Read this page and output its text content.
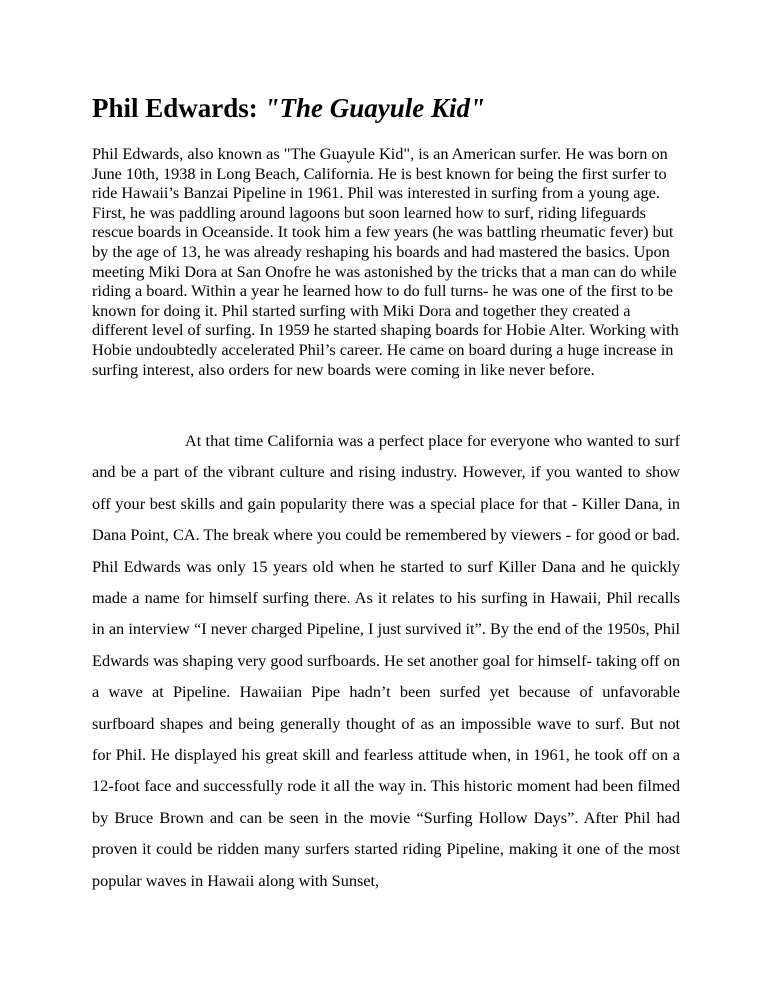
Phil Edwards: "The Guayule Kid"

Phil Edwards, also known as "The Guayule Kid", is an American surfer. He was born on June 10th, 1938 in Long Beach, California. He is best known for being the first surfer to ride Hawaii’s Banzai Pipeline in 1961. Phil was interested in surfing from a young age. First, he was paddling around lagoons but soon learned how to surf, riding lifeguards rescue boards in Oceanside. It took him a few years (he was battling rheumatic fever) but by the age of 13, he was already reshaping his boards and had mastered the basics. Upon meeting Miki Dora at San Onofre he was astonished by the tricks that a man can do while riding a board. Within a year he learned how to do full turns- he was one of the first to be known for doing it. Phil started surfing with Miki Dora and together they created a different level of surfing. In 1959 he started shaping boards for Hobie Alter. Working with Hobie undoubtedly accelerated Phil’s career. He came on board during a huge increase in surfing interest, also orders for new boards were coming in like never before.

At that time California was a perfect place for everyone who wanted to surf and be a part of the vibrant culture and rising industry. However, if you wanted to show off your best skills and gain popularity there was a special place for that - Killer Dana, in Dana Point, CA. The break where you could be remembered by viewers - for good or bad. Phil Edwards was only 15 years old when he started to surf Killer Dana and he quickly made a name for himself surfing there. As it relates to his surfing in Hawaii, Phil recalls in an interview “I never charged Pipeline, I just survived it”. By the end of the 1950s, Phil Edwards was shaping very good surfboards. He set another goal for himself- taking off on a wave at Pipeline. Hawaiian Pipe hadn’t been surfed yet because of unfavorable surfboard shapes and being generally thought of as an impossible wave to surf. But not for Phil. He displayed his great skill and fearless attitude when, in 1961, he took off on a 12-foot face and successfully rode it all the way in. This historic moment had been filmed by Bruce Brown and can be seen in the movie “Surfing Hollow Days”. After Phil had proven it could be ridden many surfers started riding Pipeline, making it one of the most popular waves in Hawaii along with Sunset,
